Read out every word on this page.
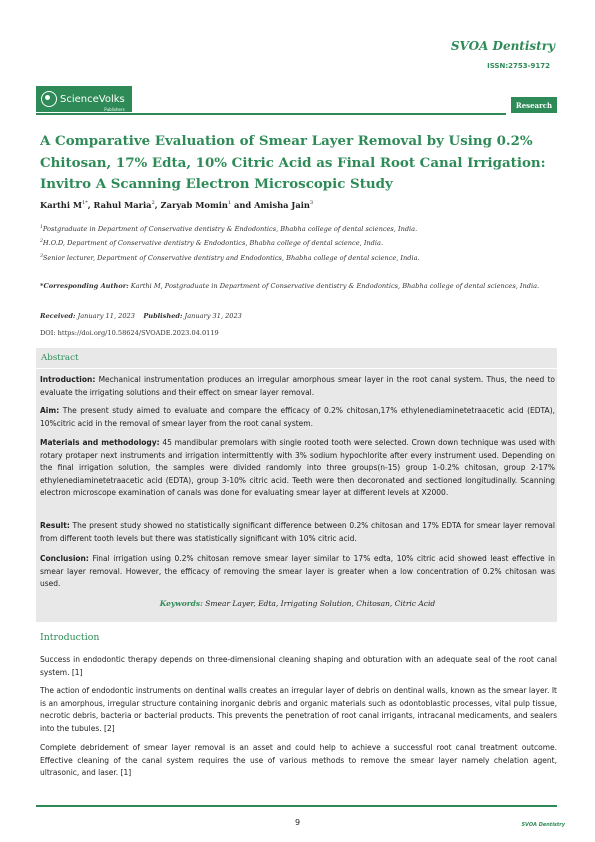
SVOA Dentistry
ISSN:2753-9172
ScienceVolks
Publishers	Research
A Comparative Evaluation of Smear Layer Removal by Using 0.2% Chitosan, 17% Edta, 10% Citric Acid as Final Root Canal Irrigation: Invitro A Scanning Electron Microscopic Study
Karthi $M^{1*}$, Rahul Maria$^2$, Zaryab Momin$^1$ and Amisha Jain$^3$
$^1$Postgraduate in Department of Conservative dentistry & Endodontics, Bhabha college of dental sciences, India.
$^2$H.O.D, Department of Conservative dentistry & Endodontics, Bhabha college of dental science, India.
$^3$Senior lecturer, Department of Conservative dentistry and Endodontics, Bhabha college of dental science, India.
*Corresponding Author: Karthi M, Postgraduate in Department of Conservative dentistry & Endodontics, Bhabha college of dental sciences, India.
Received: January 11, 2023 Published: January 31, 2023
DOI: https://doi.org/10.58624/SVOADE.2023.04.0119
Abstract
Introduction: Mechanical instrumentation produces an irregular amorphous smear layer in the root canal system. Thus, the need to evaluate the irrigating solutions and their effect on smear layer removal.
Aim: The present study aimed to evaluate and compare the efficacy of 0.2% chitosan,17% ethylenediaminetetraacetic acid (EDTA), 10%citric acid in the removal of smear layer from the root canal system.
Materials and methodology: 45 mandibular premolars with single rooted tooth were selected. Crown down technique was used with rotary protaper next instruments and irrigation intermittently with 3% sodium hypochlorite after every instrument used. Depending on the final irrigation solution, the samples were divided randomly into three groups(n-15) group 1-0.2% chitosan, group 2-17% ethylenediaminetetraacetic acid (EDTA), group 3-10% citric acid. Teeth were then decoronated and sectioned longitudinally. Scanning electron microscope examination of canals was done for evaluating smear layer at different levels at X2000.
Result: The present study showed no statistically significant difference between 0.2% chitosan and 17% EDTA for smear layer removal from different tooth levels but there was statistically significant with 10% citric acid.
Conclusion: Final irrigation using 0.2% chitosan remove smear layer similar to 17% edta, 10% citric acid showed least effective in smear layer removal. However, the efficacy of removing the smear layer is greater when a low concentration of 0.2% chitosan was used.
Keywords: Smear Layer, Edta, Irrigating Solution, Chitosan, Citric Acid
Introduction
Success in endodontic therapy depends on three-dimensional cleaning shaping and obturation with an adequate seal of the root canal system. [1]
The action of endodontic instruments on dentinal walls creates an irregular layer of debris on dentinal walls, known as the smear layer. It is an amorphous, irregular structure containing inorganic debris and organic materials such as odontoblastic processes, vital pulp tissue, necrotic debris, bacteria or bacterial products. This prevents the penetration of root canal irrigants, intracanal medicaments, and sealers into the tubules. [2]
Complete debridement of smear layer removal is an asset and could help to achieve a successful root canal treatment outcome. Effective cleaning of the canal system requires the use of various methods to remove the smear layer namely chelation agent, ultrasonic, and laser. [1]
9	SVOA Dentistry
